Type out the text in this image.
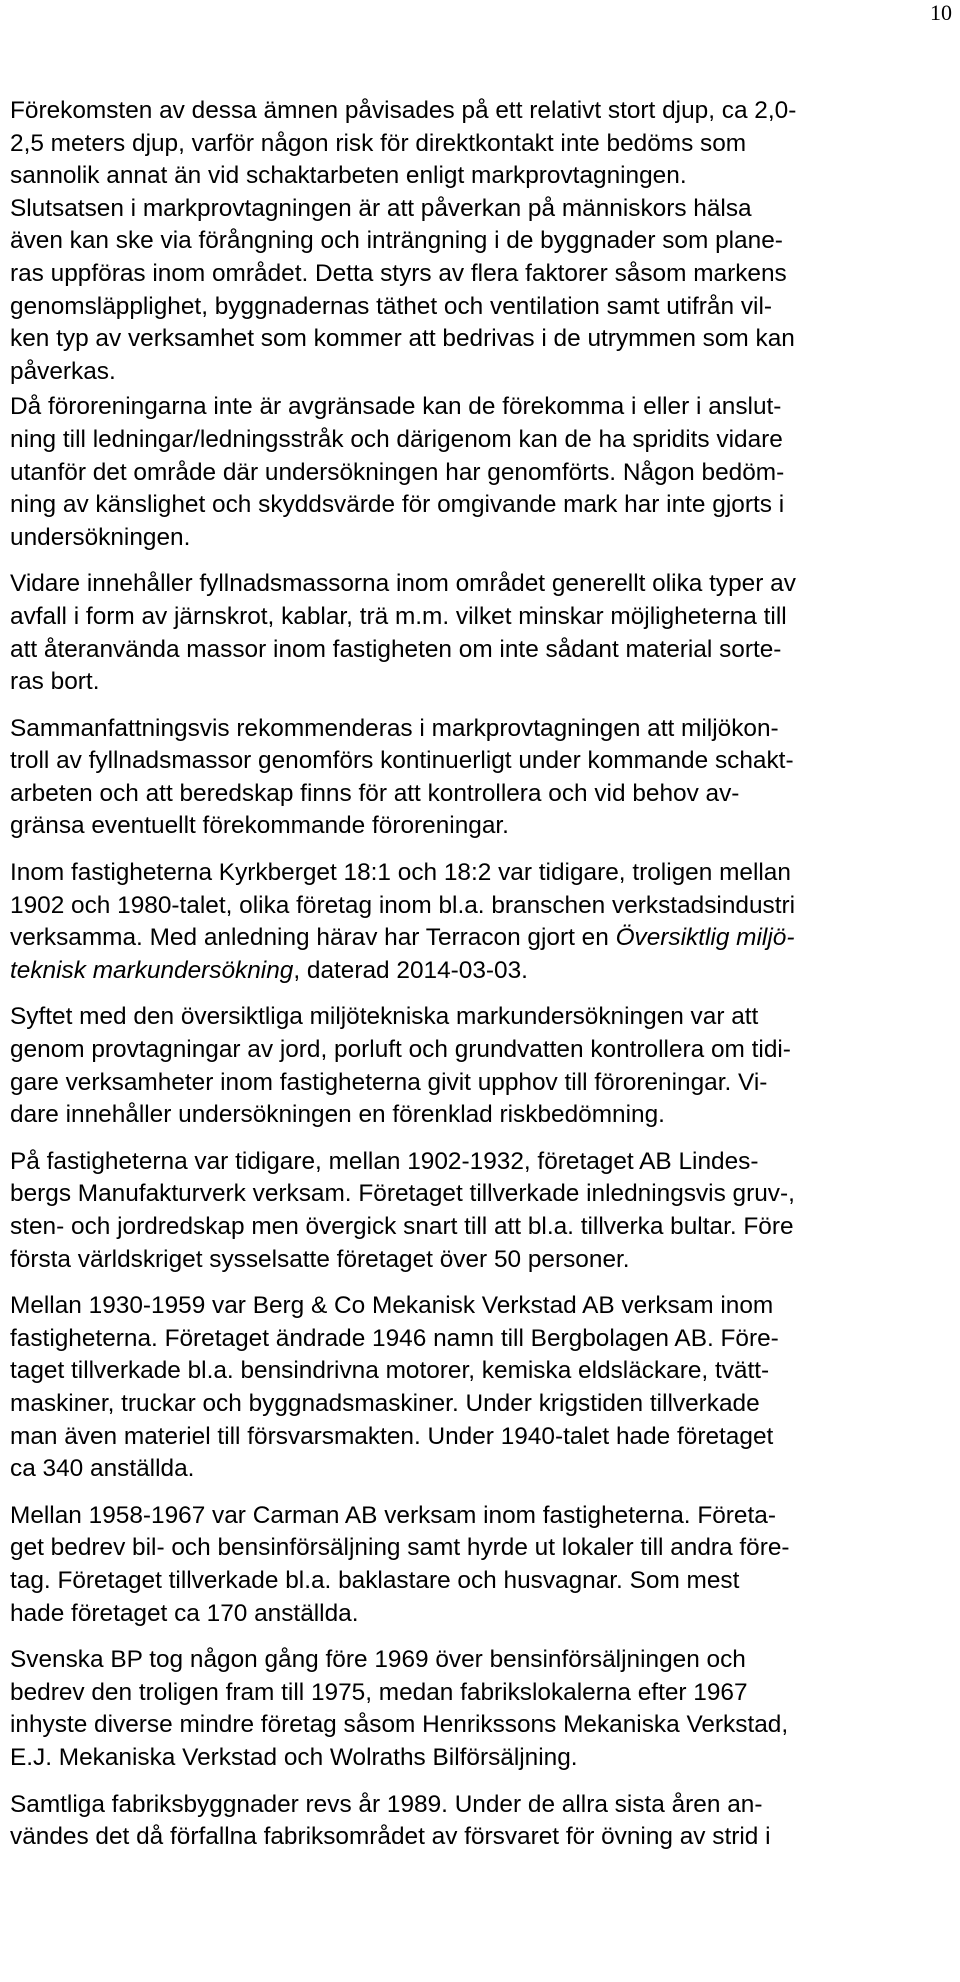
10

Förekomsten av dessa ämnen påvisades på ett relativt stort djup, ca 2,0-
2,5 meters djup, varför någon risk för direktkontakt inte bedöms som
sannolik annat än vid schaktarbeten enligt markprovtagningen.
Slutsatsen i markprovtagningen är att påverkan på människors hälsa
även kan ske via förångning och inträngning i de byggnader som plane-
ras uppföras inom området. Detta styrs av flera faktorer såsom markens
genomsläpplighet, byggnadernas täthet och ventilation samt utifrån vil-
ken typ av verksamhet som kommer att bedrivas i de utrymmen som kan
påverkas.

Då föroreningarna inte är avgränsade kan de förekomma i eller i anslut-
ning till ledningar/ledningsstråk och därigenom kan de ha spridits vidare
utanför det område där undersökningen har genomförts. Någon bedöm-
ning av känslighet och skyddsvärde för omgivande mark har inte gjorts i
undersökningen.

Vidare innehåller fyllnadsmassorna inom området generellt olika typer av
avfall i form av järnskrot, kablar, trä m.m. vilket minskar möjligheterna till
att återanvända massor inom fastigheten om inte sådant material sorte-
ras bort.

Sammanfattningsvis rekommenderas i markprovtagningen att miljökon-
troll av fyllnadsmassor genomförs kontinuerligt under kommande schakt-
arbeten och att beredskap finns för att kontrollera och vid behov av-
gränsa eventuellt förekommande föroreningar.

Inom fastigheterna Kyrkberget 18:1 och 18:2 var tidigare, troligen mellan
1902 och 1980-talet, olika företag inom bl.a. branschen verkstadsindustri
verksamma. Med anledning härav har Terracon gjort en Översiktlig miljö-
teknisk markundersökning, daterad 2014-03-03.

Syftet med den översiktliga miljötekniska markundersökningen var att
genom provtagningar av jord, porluft och grundvatten kontrollera om tidi-
gare verksamheter inom fastigheterna givit upphov till föroreningar. Vi-
dare innehåller undersökningen en förenklad riskbedömning.

På fastigheterna var tidigare, mellan 1902-1932, företaget AB Lindes-
bergs Manufakturverk verksam. Företaget tillverkade inledningsvis gruv-,
sten- och jordredskap men övergick snart till att bl.a. tillverka bultar. Före
första världskriget sysselsatte företaget över 50 personer.

Mellan 1930-1959 var Berg & Co Mekanisk Verkstad AB verksam inom
fastigheterna. Företaget ändrade 1946 namn till Bergbolagen AB. Före-
taget tillverkade bl.a. bensindrivna motorer, kemiska eldsläckare, tvätt-
maskiner, truckar och byggnadsmaskiner. Under krigstiden tillverkade
man även materiel till försvarsmakten. Under 1940-talet hade företaget
ca 340 anställda.

Mellan 1958-1967 var Carman AB verksam inom fastigheterna. Företa-
get bedrev bil- och bensinförsäljning samt hyrde ut lokaler till andra före-
tag. Företaget tillverkade bl.a. baklastare och husvagnar. Som mest
hade företaget ca 170 anställda.

Svenska BP tog någon gång före 1969 över bensinförsäljningen och
bedrev den troligen fram till 1975, medan fabrikslokalerna efter 1967
inhyste diverse mindre företag såsom Henrikssons Mekaniska Verkstad,
E.J. Mekaniska Verkstad och Wolraths Bilförsäljning.

Samtliga fabriksbyggnader revs år 1989. Under de allra sista åren an-
vändes det då förfallna fabriksområdet av försvaret för övning av strid i
